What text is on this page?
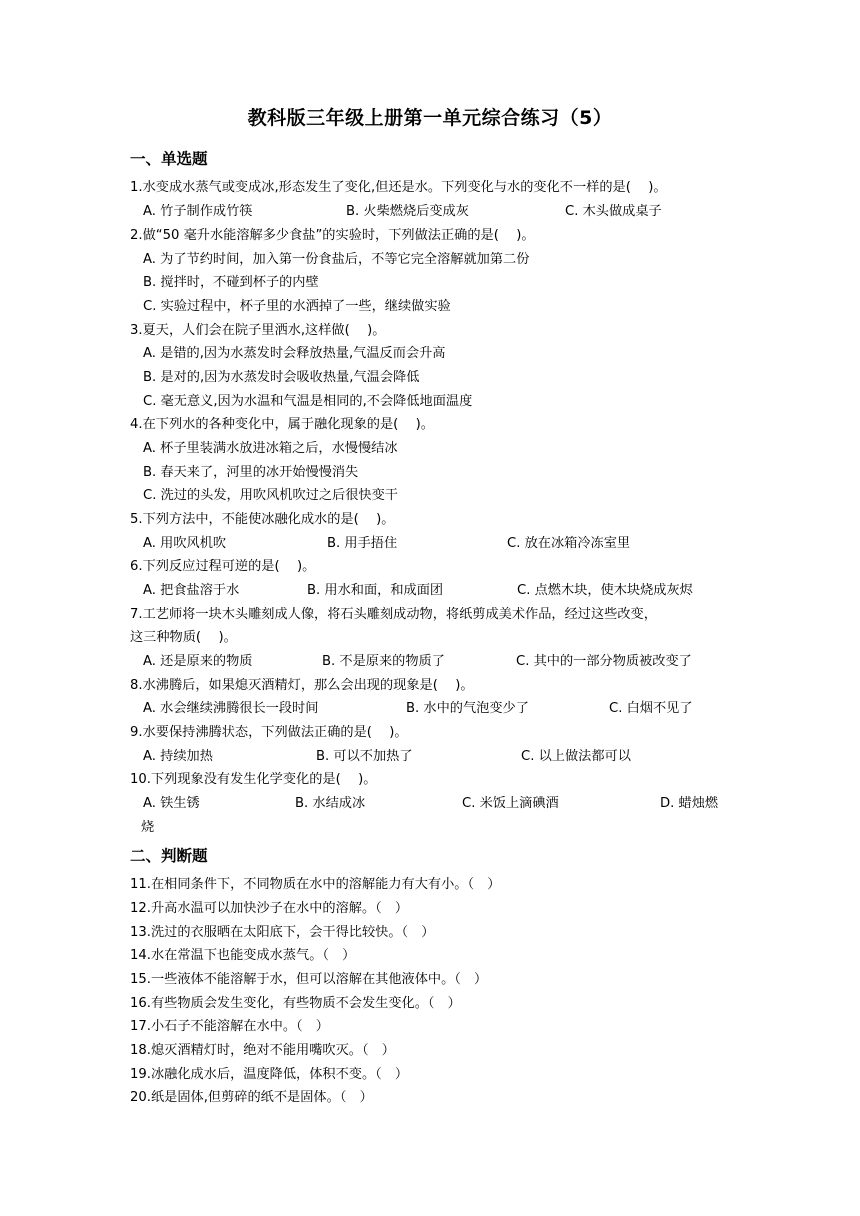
教科版三年级上册第一单元综合练习（5）
一、单选题
1.水变成水蒸气或变成冰,形态发生了变化,但还是水。下列变化与水的变化不一样的是(　 )。
A. 竹子制作成竹筷	B. 火柴燃烧后变成灰	C. 木头做成桌子
2.做“50 毫升水能溶解多少食盐”的实验时，下列做法正确的是(　 )。
A. 为了节约时间，加入第一份食盐后，不等它完全溶解就加第二份
B. 搅拌时，不碰到杯子的内壁
C. 实验过程中，杯子里的水洒掉了一些，继续做实验
3.夏天，人们会在院子里洒水,这样做(　 )。
A. 是错的,因为水蒸发时会释放热量,气温反而会升高
B. 是对的,因为水蒸发时会吸收热量,气温会降低
C. 毫无意义,因为水温和气温是相同的,不会降低地面温度
4.在下列水的各种变化中，属于融化现象的是(　 )。
A. 杯子里装满水放进冰箱之后，水慢慢结冰
B. 春天来了，河里的冰开始慢慢消失
C. 洗过的头发，用吹风机吹过之后很快变干
5.下列方法中，不能使冰融化成水的是(　 )。
A. 用吹风机吹	B. 用手捂住	C. 放在冰箱冷冻室里
6.下列反应过程可逆的是(　 )。
A. 把食盐溶于水	B. 用水和面，和成面团	C. 点燃木块，使木块烧成灰烬
7.工艺师将一块木头雕刻成人像，将石头雕刻成动物，将纸剪成美术作品，经过这些改变，
这三种物质(　 )。
A. 还是原来的物质	B. 不是原来的物质了	C. 其中的一部分物质被改变了
8.水沸腾后，如果熄灭酒精灯，那么会出现的现象是(　 )。
A. 水会继续沸腾很长一段时间	B. 水中的气泡变少了	C. 白烟不见了
9.水要保持沸腾状态，下列做法正确的是(　 )。
A. 持续加热	B. 可以不加热了	C. 以上做法都可以
10.下列现象没有发生化学变化的是(　 )。
A. 铁生锈	B. 水结成冰	C. 米饭上滴碘酒	D. 蜡烛燃
烧
二、判断题
11.在相同条件下，不同物质在水中的溶解能力有大有小。（　）
12.升高水温可以加快沙子在水中的溶解。（　）
13.洗过的衣服晒在太阳底下，会干得比较快。（　）
14.水在常温下也能变成水蒸气。（　）
15.一些液体不能溶解于水，但可以溶解在其他液体中。（　）
16.有些物质会发生变化，有些物质不会发生变化。（　）
17.小石子不能溶解在水中。（　）
18.熄灭酒精灯时，绝对不能用嘴吹灭。（　）
19.冰融化成水后，温度降低，体积不变。（　）
20.纸是固体,但剪碎的纸不是固体。（　）
